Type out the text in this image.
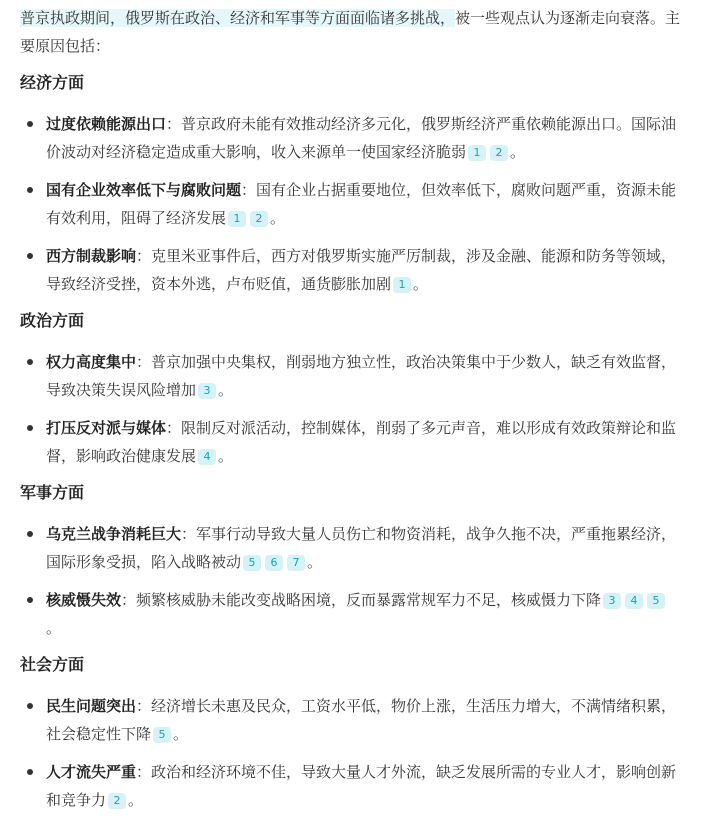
普京执政期间，俄罗斯在政治、经济和军事等方面面临诸多挑战，被一些观点认为逐渐走向衰落。主要原因包括：

经济方面
过度依赖能源出口：普京政府未能有效推动经济多元化，俄罗斯经济严重依赖能源出口。国际油价波动对经济稳定造成重大影响，收入来源单一使国家经济脆弱 1 2 。
国有企业效率低下与腐败问题：国有企业占据重要地位，但效率低下，腐败问题严重，资源未能有效利用，阻碍了经济发展 1 2 。
西方制裁影响：克里米亚事件后，西方对俄罗斯实施严厉制裁，涉及金融、能源和防务等领域，导致经济受挫，资本外逃，卢布贬值，通货膨胀加剧 1 。
政治方面
权力高度集中：普京加强中央集权，削弱地方独立性，政治决策集中于少数人，缺乏有效监督，导致决策失误风险增加 3 。
打压反对派与媒体：限制反对派活动，控制媒体，削弱了多元声音，难以形成有效政策辩论和监督，影响政治健康发展 4 。
军事方面
乌克兰战争消耗巨大：军事行动导致大量人员伤亡和物资消耗，战争久拖不决，严重拖累经济，国际形象受损，陷入战略被动 5 6 7 。
核威慑失效：频繁核威胁未能改变战略困境，反而暴露常规军力不足，核威慑力下降 3 4 5。
社会方面
民生问题突出：经济增长未惠及民众，工资水平低，物价上涨，生活压力增大，不满情绪积累，社会稳定性下降 5 。
人才流失严重：政治和经济环境不佳，导致大量人才外流，缺乏发展所需的专业人才，影响创新和竞争力 2 。
